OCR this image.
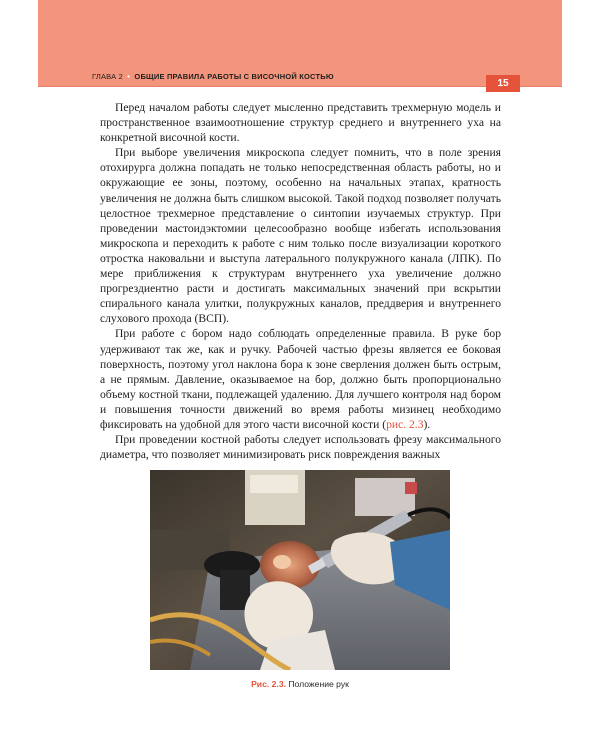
ГЛАВА 2 • ОБЩИЕ ПРАВИЛА РАБОТЫ С ВИСОЧНОЙ КОСТЬЮ
15

Перед началом работы следует мысленно представить трехмерную модель и пространственное взаимоотношение структур среднего и внутреннего уха на конкретной височной кости.

При выборе увеличения микроскопа следует помнить, что в поле зрения отохирурга должна попадать не только непосредственная область работы, но и окружающие ее зоны, поэтому, особенно на начальных этапах, кратность увеличения не должна быть слишком высокой. Такой подход позволяет получать целостное трехмерное представление о синтопии изучаемых структур. При проведении мастоидэктомии целесообразно вообще избегать использования микроскопа и переходить к работе с ним только после визуализации короткого отростка наковальни и выступа латерального полукружного канала (ЛПК). По мере приближения к структурам внутреннего уха увеличение должно прогрездиентно расти и достигать максимальных значений при вскрытии спирального канала улитки, полукружных каналов, преддверия и внутреннего слухового прохода (ВСП).

При работе с бором надо соблюдать определенные правила. В руке бор удерживают так же, как и ручку. Рабочей частью фрезы является ее боковая поверхность, поэтому угол наклона бора к зоне сверления должен быть острым, а не прямым. Давление, оказываемое на бор, должно быть пропорционально объему костной ткани, подлежащей удалению. Для лучшего контроля над бором и повышения точности движений во время работы мизинец необходимо фиксировать на удобной для этого части височной кости (рис. 2.3).

При проведении костной работы следует использовать фрезу максимального диаметра, что позволяет минимизировать риск повреждения важных

Рис. 2.3. Положение рук
